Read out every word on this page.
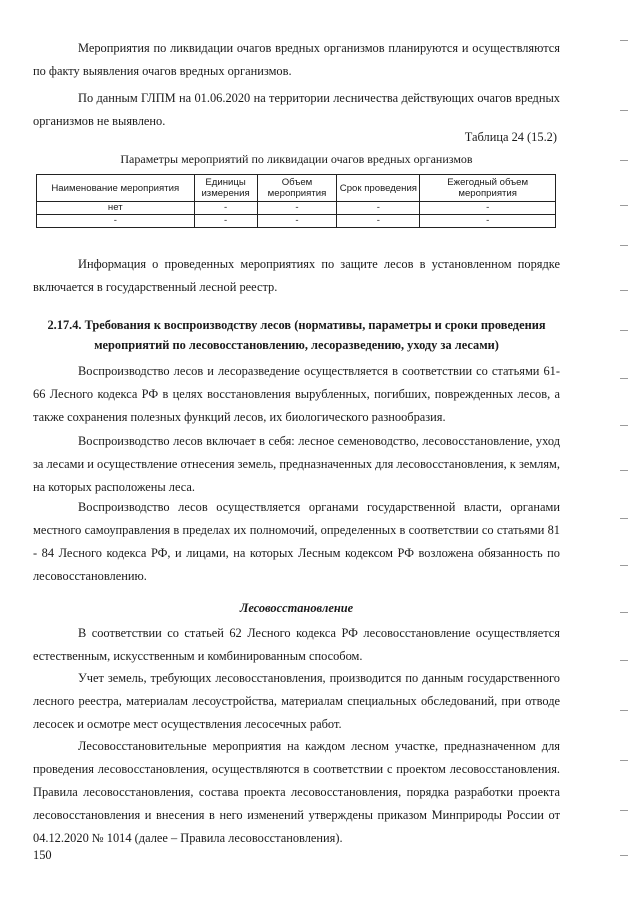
Мероприятия по ликвидации очагов вредных организмов планируются и осуществляются по факту выявления очагов вредных организмов.

По данным ГЛПМ на 01.06.2020 на территории лесничества действующих очагов вредных организмов не выявлено.

Таблица 24 (15.2)
Параметры мероприятий по ликвидации очагов вредных организмов
Наименование мероприятия	Единицы измерения	Объем мероприятия	Срок проведения	Ежегодный объем мероприятия
нет	-	-	-	-
-	-	-	-	-

Информация о проведенных мероприятиях по защите лесов в установленном порядке включается в государственный лесной реестр.

2.17.4. Требования к воспроизводству лесов (нормативы, параметры и сроки проведения мероприятий по лесовосстановлению, лесоразведению, уходу за лесами)

Воспроизводство лесов и лесоразведение осуществляется в соответствии со статьями 61-66 Лесного кодекса РФ в целях восстановления вырубленных, погибших, поврежденных лесов, а также сохранения полезных функций лесов, их биологического разнообразия.

Воспроизводство лесов включает в себя: лесное семеноводство, лесовосстановление, уход за лесами и осуществление отнесения земель, предназначенных для лесовосстановления, к землям, на которых расположены леса.

Воспроизводство лесов осуществляется органами государственной власти, органами местного самоуправления в пределах их полномочий, определенных в соответствии со статьями 81 - 84 Лесного кодекса РФ, и лицами, на которых Лесным кодексом РФ возложена обязанность по лесовосстановлению.

Лесовосстановление

В соответствии со статьей 62 Лесного кодекса РФ лесовосстановление осуществляется естественным, искусственным и комбинированным способом.

Учет земель, требующих лесовосстановления, производится по данным государственного лесного реестра, материалам лесоустройства, материалам специальных обследований, при отводе лесосек и осмотре мест осуществления лесосечных работ.

Лесовосстановительные мероприятия на каждом лесном участке, предназначенном для проведения лесовосстановления, осуществляются в соответствии с проектом лесовосстановления. Правила лесовосстановления, состава проекта лесовосстановления, порядка разработки проекта лесовосстановления и внесения в него изменений утверждены приказом Минприроды России от 04.12.2020 № 1014 (далее – Правила лесовосстановления).

150
